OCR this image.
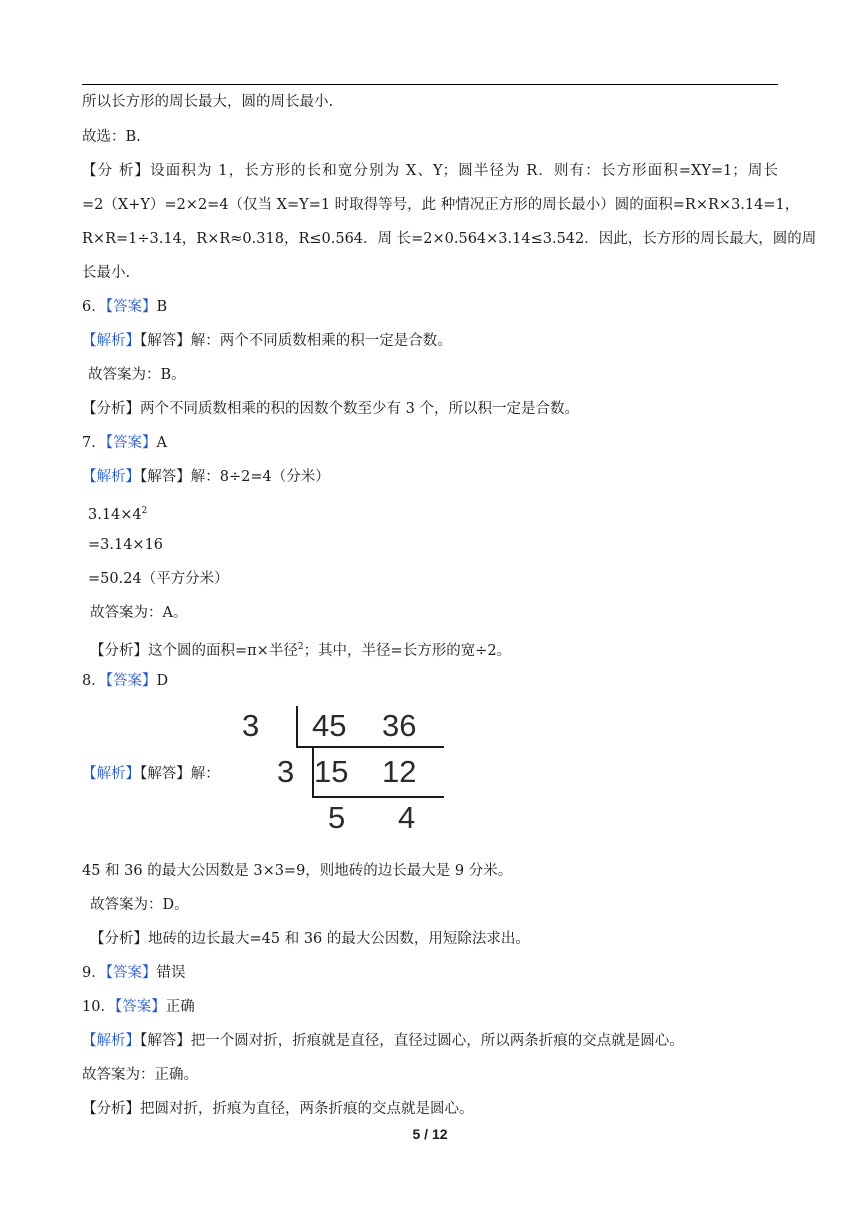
所以长方形的周长最大，圆的周长最小.
故选：B.
【分 析】设面积为 1，长方形的长和宽分别为 X、Y；圆半径为 R．则有：长方形面积=XY=1；周长
=2（X+Y）=2×2=4（仅当 X=Y=1 时取得等号，此 种情况正方形的周长最小）圆的面积=R×R×3.14=1，
R×R=1÷3.14，R×R≈0.318，R≤0.564．周 长=2×0.564×3.14≤3.542．因此，长方形的周长最大，圆的周
长最小.
6．【答案】B
【解析】【解答】解：两个不同质数相乘的积一定是合数。
故答案为：B。
【分析】两个不同质数相乘的积的因数个数至少有 3 个，所以积一定是合数。
7．【答案】A
【解析】【解答】解：8÷2=4（分米）
$3.14\times 4^2$
=3.14×16
=50.24（平方分米）
故答案为：A。
【分析】这个圆的面积=π×半径$^2$；其中，半径=长方形的宽÷2。
8．【答案】D
【解析】【解答】解：
3 45 36
3 15 12
5 4
45 和 36 的最大公因数是 3×3=9，则地砖的边长最大是 9 分米。
故答案为：D。
【分析】地砖的边长最大=45 和 36 的最大公因数，用短除法求出。
9．【答案】错误
10．【答案】正确
【解析】【解答】把一个圆对折，折痕就是直径，直径过圆心，所以两条折痕的交点就是圆心。
故答案为：正确。
【分析】把圆对折，折痕为直径，两条折痕的交点就是圆心。
5 / 12
